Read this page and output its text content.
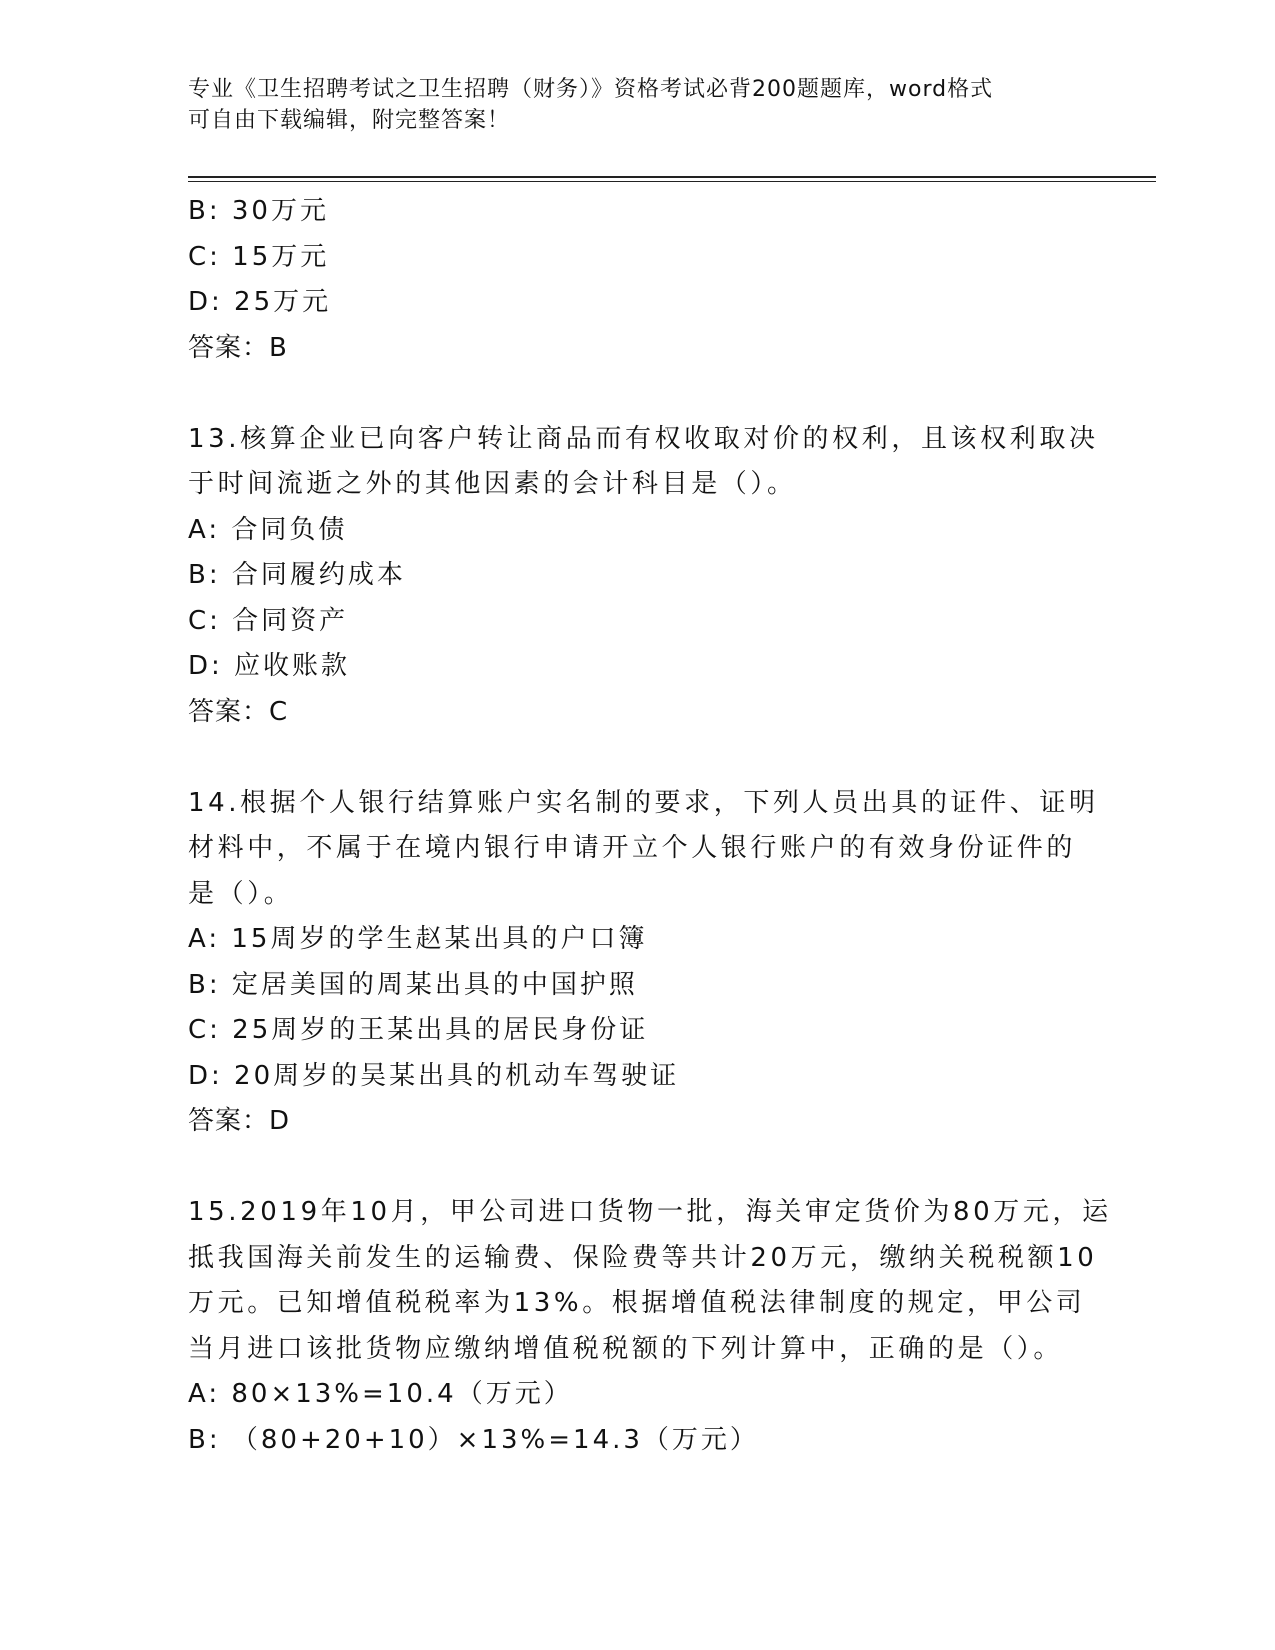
专业《卫生招聘考试之卫生招聘（财务）》资格考试必背200题题库，word格式
可自由下载编辑，附完整答案！
B: 30万元
C: 15万元
D: 25万元
答案：B
13.核算企业已向客户转让商品而有权收取对价的权利，且该权利取决
于时间流逝之外的其他因素的会计科目是（）。
A: 合同负债
B: 合同履约成本
C: 合同资产
D: 应收账款
答案：C
14.根据个人银行结算账户实名制的要求，下列人员出具的证件、证明
材料中，不属于在境内银行申请开立个人银行账户的有效身份证件的
是（）。
A: 15周岁的学生赵某出具的户口簿
B: 定居美国的周某出具的中国护照
C: 25周岁的王某出具的居民身份证
D: 20周岁的吴某出具的机动车驾驶证
答案：D
15.2019年10月，甲公司进口货物一批，海关审定货价为80万元，运
抵我国海关前发生的运输费、保险费等共计20万元，缴纳关税税额10
万元。已知增值税税率为13%。根据增值税法律制度的规定，甲公司
当月进口该批货物应缴纳增值税税额的下列计算中，正确的是（）。
A: 80×13%=10.4（万元）
B: （80+20+10）×13%=14.3（万元）
